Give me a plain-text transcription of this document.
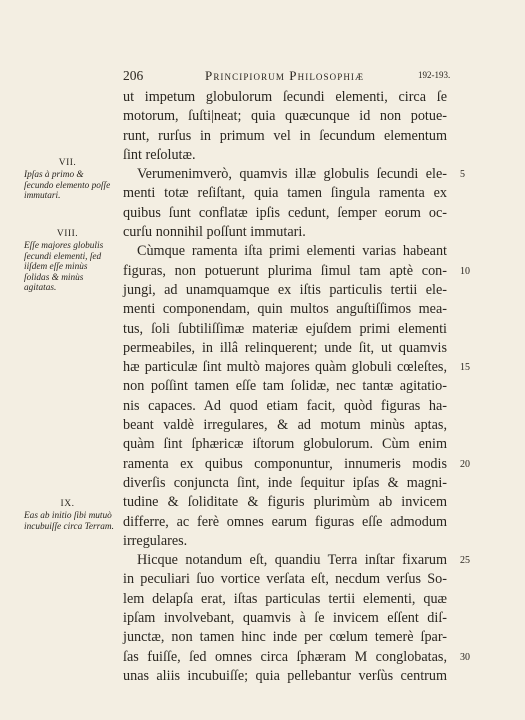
206	Principiorum Philosophiæ	192-193.
VII.
Ipſas à primo & ſecundo elemento poſſe immutari.
VIII.
Eſſe majores globulis ſecundi elementi, ſed iiſdem eſſe minùs ſolidas & minùs agitatas.
IX.
Eas ab initio ſibi mutuò incubuiſſe circa Terram.
ut impetum globulorum ſecundi elementi, circa ſe
motorum, ſuſti|neat; quia quæcunque id non potue-
runt, rurſus in primum vel in ſecundum elementum
ſint reſolutæ.
Verumenimverò, quamvis illæ globulis ſecundi ele-
menti totæ reſiſtant, quia tamen ſingula ramenta ex
quibus ſunt conflatæ ipſis cedunt, ſemper eorum oc-
curſu nonnihil poſſunt immutari.
Cùmque ramenta iſta primi elementi varias habeant
figuras, non potuerunt plurima ſimul tam aptè con-
jungi, ad unamquamque ex iſtis particulis tertii ele-
menti componendam, quin multos anguſtiſſimos mea-
tus, ſoli ſubtiliſſimæ materiæ ejuſdem primi elementi
permeabiles, in illâ relinquerent; unde ſit, ut quamvis
hæ particulæ ſint multò majores quàm globuli cœleſtes,
non poſſint tamen eſſe tam ſolidæ, nec tantæ agitatio-
nis capaces. Ad quod etiam facit, quòd figuras ha-
beant valdè irregulares, & ad motum minùs aptas,
quàm ſint ſphæricæ iſtorum globulorum. Cùm enim
ramenta ex quibus componuntur, innumeris modis
diverſis conjuncta ſint, inde ſequitur ipſas & magni-
tudine & ſoliditate & figuris plurimùm ab invicem
differre, ac ferè omnes earum figuras eſſe admodum
irregulares.
Hicque notandum eſt, quandiu Terra inſtar fixarum
in peculiari ſuo vortice verſata eſt, necdum verſus So-
lem delapſa erat, iſtas particulas tertii elementi, quæ
ipſam involvebant, quamvis à ſe invicem eſſent diſ-
junctæ, non tamen hinc inde per cœlum temerè ſpar-
ſas fuiſſe, ſed omnes circa ſphæram M conglobatas,
unas aliis incubuiſſe; quia pellebantur verſùs centrum
5
10
15
20
25
30
